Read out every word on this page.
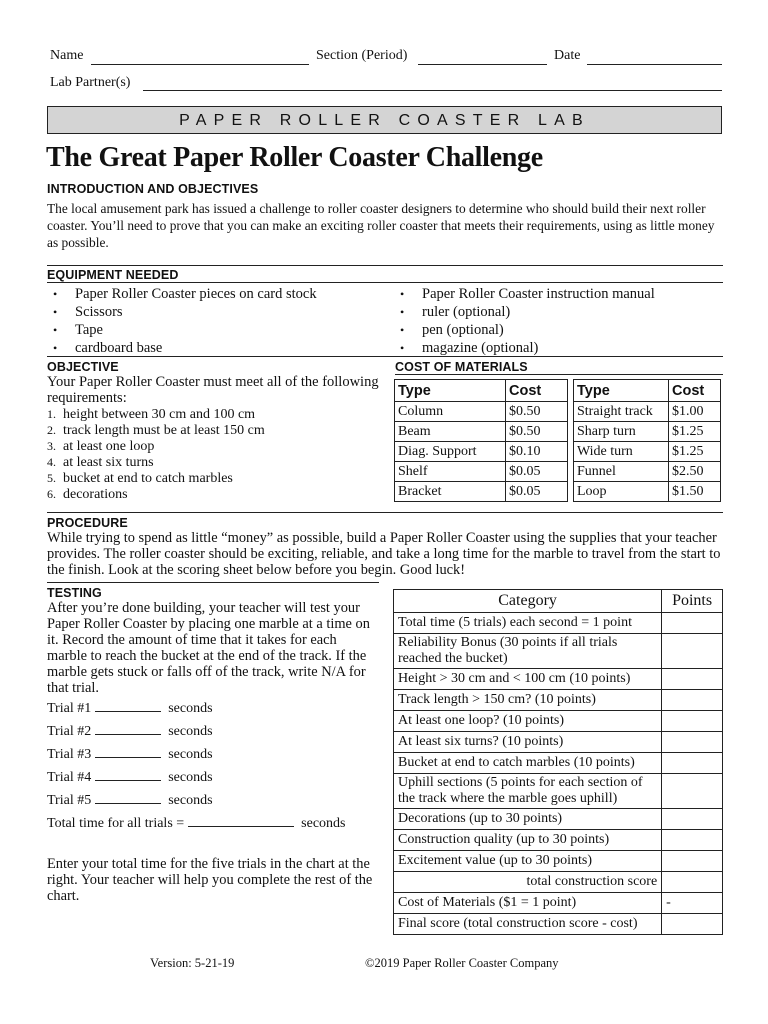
Name	Section (Period)	Date
Lab Partner(s)
PAPER ROLLER COASTER LAB
The Great Paper Roller Coaster Challenge
INTRODUCTION AND OBJECTIVES
The local amusement park has issued a challenge to roller coaster designers to determine who should build their next roller coaster. You’ll need to prove that you can make an exciting roller coaster that meets their requirements, using as little money as possible.
EQUIPMENT NEEDED
• Paper Roller Coaster pieces on card stock
• Scissors
• Tape
• cardboard base
• Paper Roller Coaster instruction manual
• ruler (optional)
• pen (optional)
• magazine (optional)
OBJECTIVE
Your Paper Roller Coaster must meet all of the following requirements:
1. height between 30 cm and 100 cm
2. track length must be at least 150 cm
3. at least one loop
4. at least six turns
5. bucket at end to catch marbles
6. decorations
COST OF MATERIALS
Type	Cost		Type	Cost
Column	$0.50		Straight track	$1.00
Beam	$0.50		Sharp turn	$1.25
Diag. Support	$0.10		Wide turn	$1.25
Shelf	$0.05		Funnel	$2.50
Bracket	$0.05		Loop	$1.50
PROCEDURE
While trying to spend as little “money” as possible, build a Paper Roller Coaster using the supplies that your teacher provides. The roller coaster should be exciting, reliable, and take a long time for the marble to travel from the start to the finish. Look at the scoring sheet below before you begin. Good luck!
TESTING
After you’re done building, your teacher will test your Paper Roller Coaster by placing one marble at a time on it. Record the amount of time that it takes for each marble to reach the bucket at the end of the track. If the marble gets stuck or falls off of the track, write N/A for that trial.
Trial #1	seconds
Trial #2	seconds
Trial #3	seconds
Trial #4	seconds
Trial #5	seconds
Total time for all trials =	seconds
Enter your total time for the five trials in the chart at the right. Your teacher will help you complete the rest of the chart.
Category	Points
Total time (5 trials) each second = 1 point	
Reliability Bonus (30 points if all trials reached the bucket)	
Height > 30 cm and < 100 cm (10 points)	
Track length > 150 cm? (10 points)	
At least one loop? (10 points)	
At least six turns? (10 points)	
Bucket at end to catch marbles (10 points)	
Uphill sections (5 points for each section of the track where the marble goes uphill)	
Decorations (up to 30 points)	
Construction quality (up to 30 points)	
Excitement value (up to 30 points)	
total construction score	
Cost of Materials ($1 = 1 point)	-
Final score (total construction score - cost)	
Version: 5-21-19	©2019 Paper Roller Coaster Company
